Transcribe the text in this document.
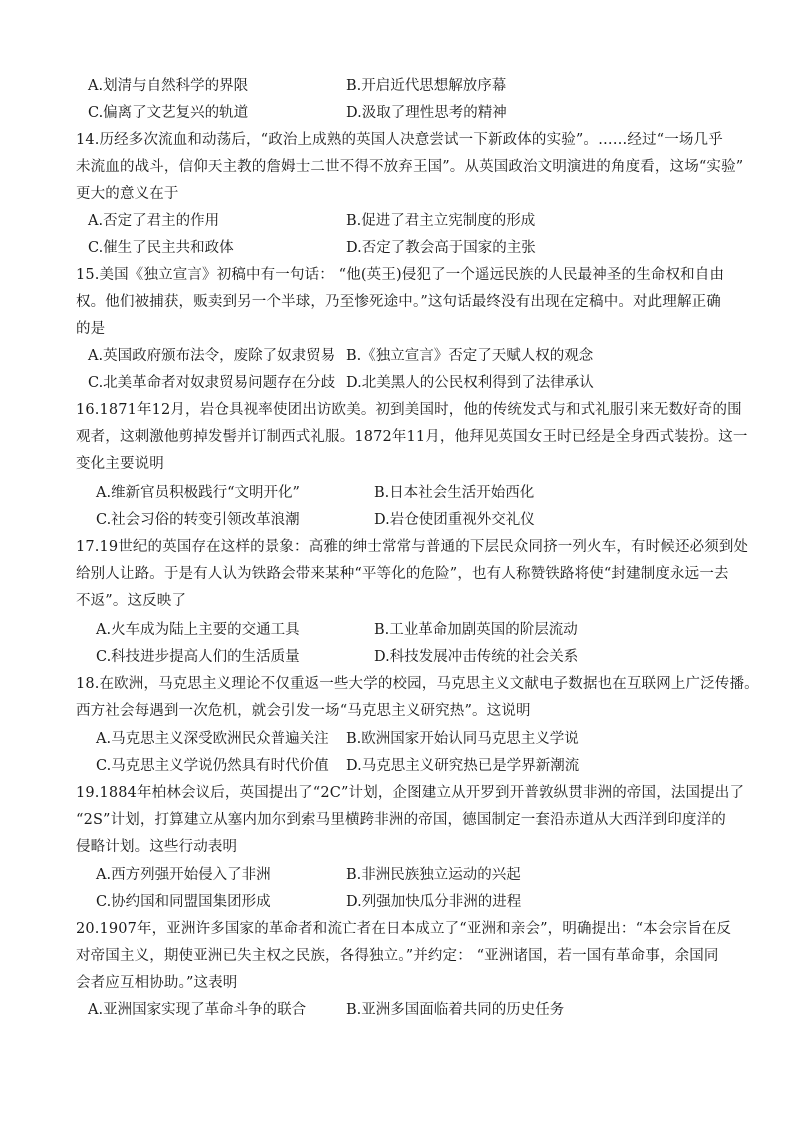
A.划清与自然科学的界限	B.开启近代思想解放序幕
C.偏离了文艺复兴的轨道	D.汲取了理性思考的精神
14.历经多次流血和动荡后，“政治上成熟的英国人决意尝试一下新政体的实验”。……经过“一场几乎
未流血的战斗，信仰天主教的詹姆士二世不得不放弃王国”。从英国政治文明演进的角度看，这场“实验”
更大的意义在于
A.否定了君主的作用	B.促进了君主立宪制度的形成
C.催生了民主共和政体	D.否定了教会高于国家的主张
15.美国《独立宣言》初稿中有一句话： “他(英王)侵犯了一个遥远民族的人民最神圣的生命权和自由
权。他们被捕获，贩卖到另一个半球，乃至惨死途中。”这句话最终没有出现在定稿中。对此理解正确
的是
A.英国政府颁布法令，废除了奴隶贸易 B.《独立宣言》否定了天赋人权的观念
C.北美革命者对奴隶贸易问题存在分歧 D.北美黑人的公民权利得到了法律承认
16.1871年12月，岩仓具视率使团出访欧美。初到美国时，他的传统发式与和式礼服引来无数好奇的围
观者，这刺激他剪掉发髻并订制西式礼服。1872年11月，他拜见英国女王时已经是全身西式装扮。这一
变化主要说明
A.维新官员积极践行“文明开化”	B.日本社会生活开始西化
C.社会习俗的转变引领改革浪潮	D.岩仓使团重视外交礼仪
17.19世纪的英国存在这样的景象：高雅的绅士常常与普通的下层民众同挤一列火车，有时候还必须到处
给别人让路。于是有人认为铁路会带来某种“平等化的危险”，也有人称赞铁路将使“封建制度永远一去
不返”。这反映了
A.火车成为陆上主要的交通工具	B.工业革命加剧英国的阶层流动
C.科技进步提高人们的生活质量	D.科技发展冲击传统的社会关系
18.在欧洲，马克思主义理论不仅重返一些大学的校园，马克思主义文献电子数据也在互联网上广泛传播。
西方社会每遇到一次危机，就会引发一场“马克思主义研究热”。这说明
A.马克思主义深受欧洲民众普遍关注 B.欧洲国家开始认同马克思主义学说
C.马克思主义学说仍然具有时代价值 D.马克思主义研究热已是学界新潮流
19.1884年柏林会议后，英国提出了“2C”计划，企图建立从开罗到开普敦纵贯非洲的帝国，法国提出了
“2S”计划，打算建立从塞内加尔到索马里横跨非洲的帝国，德国制定一套沿赤道从大西洋到印度洋的
侵略计划。这些行动表明
A.西方列强开始侵入了非洲	B.非洲民族独立运动的兴起
C.协约国和同盟国集团形成	D.列强加快瓜分非洲的进程
20.1907年，亚洲许多国家的革命者和流亡者在日本成立了“亚洲和亲会”，明确提出：“本会宗旨在反
对帝国主义，期使亚洲已失主权之民族，各得独立。”并约定： “亚洲诸国，若一国有革命事，余国同
会者应互相协助。”这表明
A.亚洲国家实现了革命斗争的联合	B.亚洲多国面临着共同的历史任务
